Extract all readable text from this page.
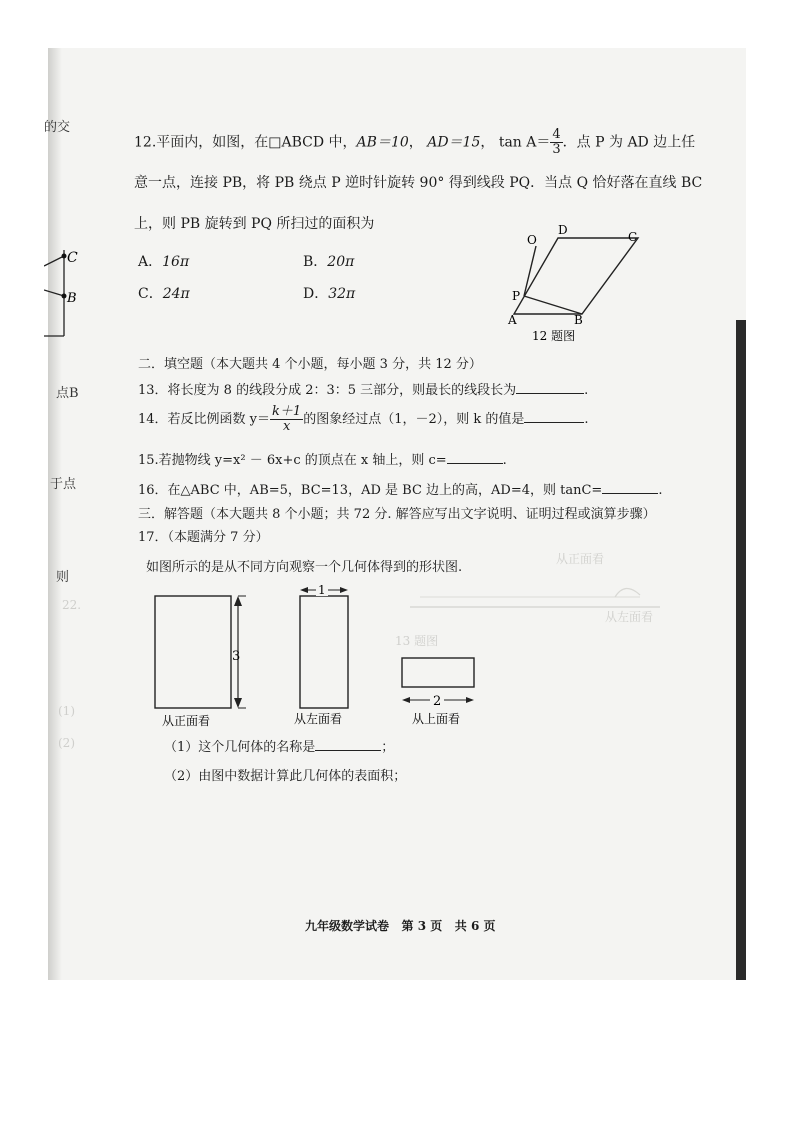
的交
点B
于点
则
22.
(1)
(2)
C
B
13 题图
从正面看
从左面看
12.平面内，如图，在□ABCD 中，AB＝10， AD＝15， $\tan A= \frac{4}{3}$ ．点 P 为 AD 边上任
意一点，连接 PB，将 PB 绕点 P 逆时针旋转 90° 得到线段 PQ．当点 Q 恰好落在直线 BC
上，则 PB 旋转到 PQ 所扫过的面积为
A．16π	B．20π
C．24π	D．32π
O
D	C
P
A	B
12 题图
二．填空题（本大题共 4 个小题，每小题 3 分，共 12 分）
13．将长度为 8 的线段分成 2：3：5 三部分，则最长的线段长为	.
14．若反比例函数 $y= \frac{k+1}{x}$ 的图象经过点（1，－2），则 k 的值是	.
15.若抛物线 y=x² － 6x+c 的顶点在 x 轴上，则 c=	.
16．在△ABC 中，AB=5，BC=13，AD 是 BC 边上的高，AD=4，则 tanC=	.
三．解答题（本大题共 8 个小题；共 72 分. 解答应写出文字说明、证明过程或演算步骤）
17．（本题满分 7 分）
如图所示的是从不同方向观察一个几何体得到的形状图.
3
从正面看
1
从左面看
2
从上面看
（1）这个几何体的名称是	；
（2）由图中数据计算此几何体的表面积；
九年级数学试卷   第 3 页   共 6 页
